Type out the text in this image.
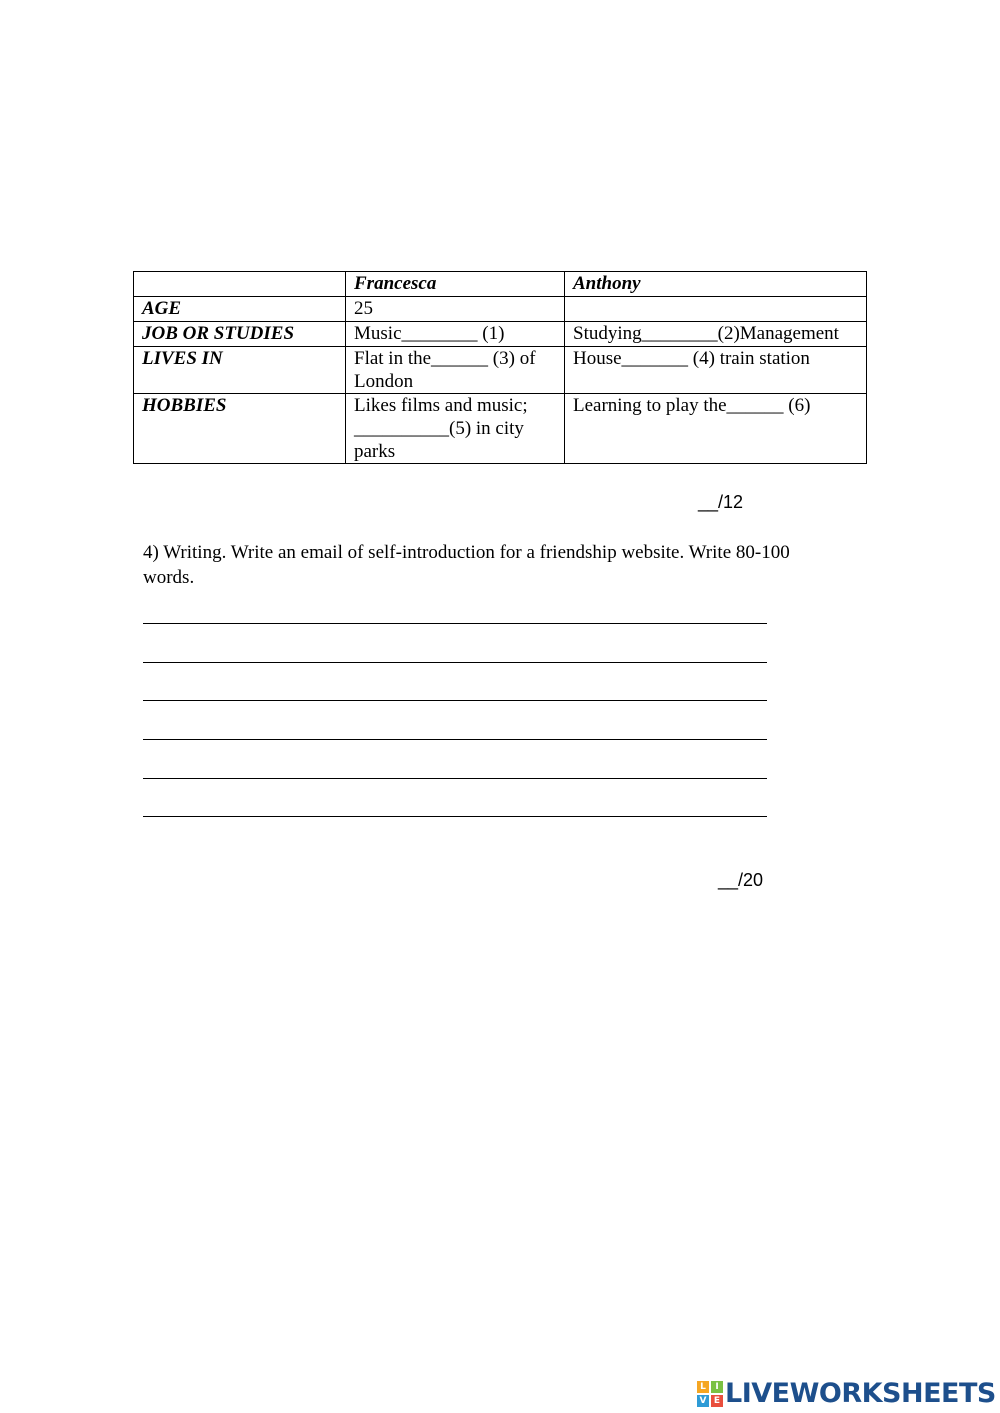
	Francesca	Anthony
AGE	25	
JOB OR STUDIES	Music________ (1)	Studying________(2)Management
LIVES IN	Flat in the______ (3) of London	House_______ (4) train station
HOBBIES	Likes films and music; __________(5) in city parks	Learning to play the______ (6)
__/12

4) Writing. Write an email of self-introduction for a friendship website. Write 80-100 words.

__/20
L	I
V E LIVEWORKSHEETS
